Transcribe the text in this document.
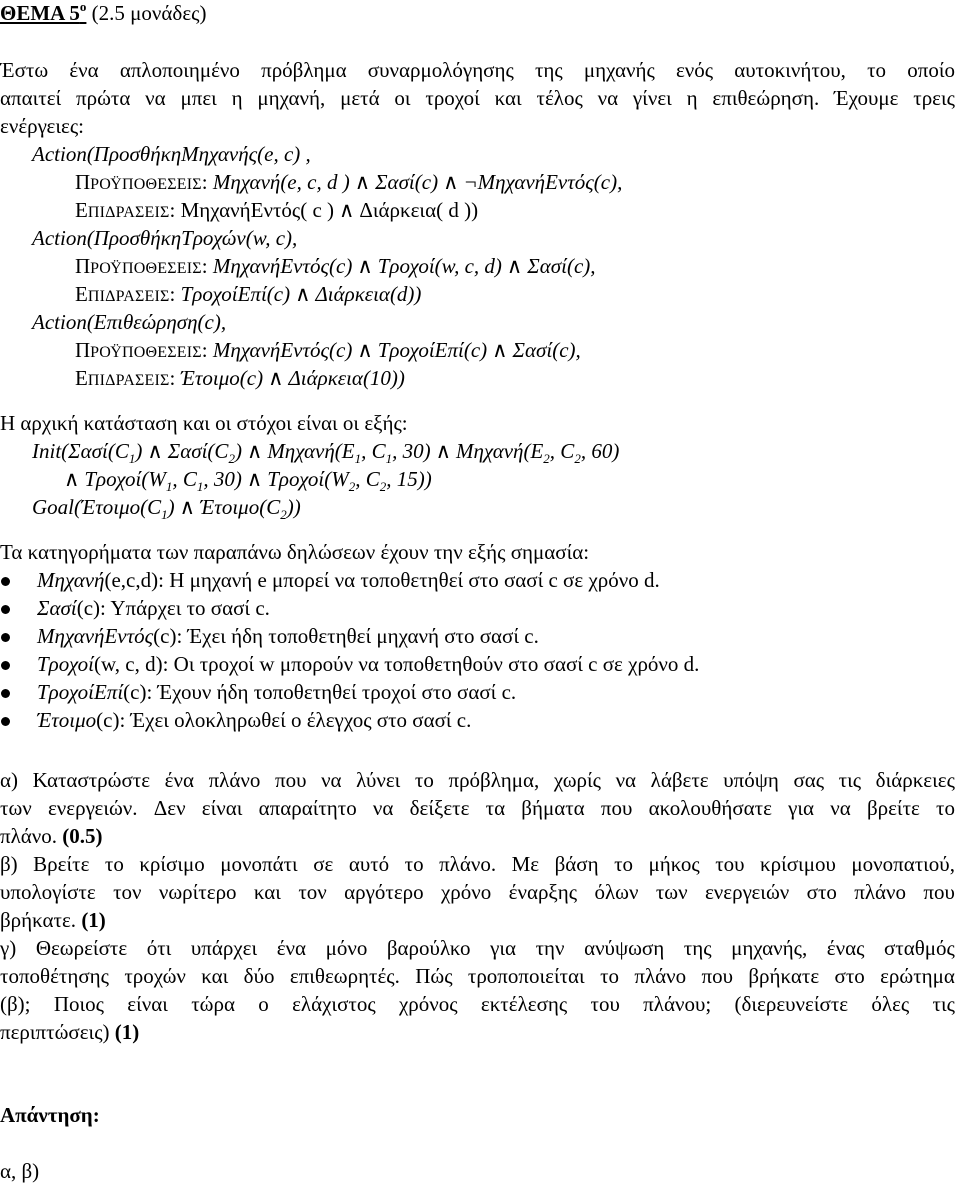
ΘΕΜΑ $5^o$ (2.5 μονάδες)
Έστω ένα απλοποιημένο πρόβλημα συναρμολόγησης της μηχανής ενός αυτοκινήτου, το οποίο
απαιτεί πρώτα να μπει η μηχανή, μετά οι τροχοί και τέλος να γίνει η επιθεώρηση. Έχουμε τρεις
ενέργειες:
Action(ΠροσθήκηΜηχανής(e, c) ,
ΠΡΟΫΠΟΘΕΣΕΙΣ: Μηχανή(e, c, d ) ∧ Σασί(c) ∧ ¬ΜηχανήΕντός(c),
ΕΠΙΔΡΑΣΕΙΣ: ΜηχανήΕντός( c ) ∧ Διάρκεια( d ))
Action(ΠροσθήκηΤροχών(w, c),
ΠΡΟΫΠΟΘΕΣΕΙΣ: ΜηχανήΕντός(c) ∧ Τροχοί(w, c, d) ∧ Σασί(c),
ΕΠΙΔΡΑΣΕΙΣ: ΤροχοίΕπί(c) ∧ Διάρκεια(d))
Action(Επιθεώρηση(c),
ΠΡΟΫΠΟΘΕΣΕΙΣ: ΜηχανήΕντός(c) ∧ ΤροχοίΕπί(c) ∧ Σασί(c),
ΕΠΙΔΡΑΣΕΙΣ: Έτοιμο(c) ∧ Διάρκεια(10))
Η αρχική κατάσταση και οι στόχοι είναι οι εξής:
$Init(\Sigma\alpha\sigma ί(C_1)$ ∧ $\Sigma\alpha\sigma ί(C_2)$ ∧ $M\eta\chi\alpha\nu ή(E_1$, $C_1$, 30) ∧ $M\eta\chi\alpha\nu ή(E_2$, $C_2$, 60)
∧ $T\rho o\chi oί(W_1$, $C_1$, 30) ∧ $T\rho o\chi oί(W_2$, $C_2$, 15))
$Goal(Έ\tau o\iota\mu o(C_1)$ ∧ $Έ\tau o\iota\mu o(C_2)$)
Τα κατηγορήματα των παραπάνω δηλώσεων έχουν την εξής σημασία:
Μηχανή(e,c,d): Η μηχανή e μπορεί να τοποθετηθεί στο σασί c σε χρόνο d.
Σασί(c): Υπάρχει το σασί c.
ΜηχανήΕντός(c): Έχει ήδη τοποθετηθεί μηχανή στο σασί c.
Τροχοί(w, c, d): Οι τροχοί w μπορούν να τοποθετηθούν στο σασί c σε χρόνο d.
ΤροχοίΕπί(c): Έχουν ήδη τοποθετηθεί τροχοί στο σασί c.
Έτοιμο(c): Έχει ολοκληρωθεί ο έλεγχος στο σασί c.
α) Καταστρώστε ένα πλάνο που να λύνει το πρόβλημα, χωρίς να λάβετε υπόψη σας τις διάρκειες
των ενεργειών. Δεν είναι απαραίτητο να δείξετε τα βήματα που ακολουθήσατε για να βρείτε το
πλάνο. (0.5)
β) Βρείτε το κρίσιμο μονοπάτι σε αυτό το πλάνο. Με βάση το μήκος του κρίσιμου μονοπατιού,
υπολογίστε τον νωρίτερο και τον αργότερο χρόνο έναρξης όλων των ενεργειών στο πλάνο που
βρήκατε. (1)
γ) Θεωρείστε ότι υπάρχει ένα μόνο βαρούλκο για την ανύψωση της μηχανής, ένας σταθμός
τοποθέτησης τροχών και δύο επιθεωρητές. Πώς τροποποιείται το πλάνο που βρήκατε στο ερώτημα
(β); Ποιος είναι τώρα ο ελάχιστος χρόνος εκτέλεσης του πλάνου; (διερευνείστε όλες τις
περιπτώσεις) (1)
Απάντηση:
α, β)
